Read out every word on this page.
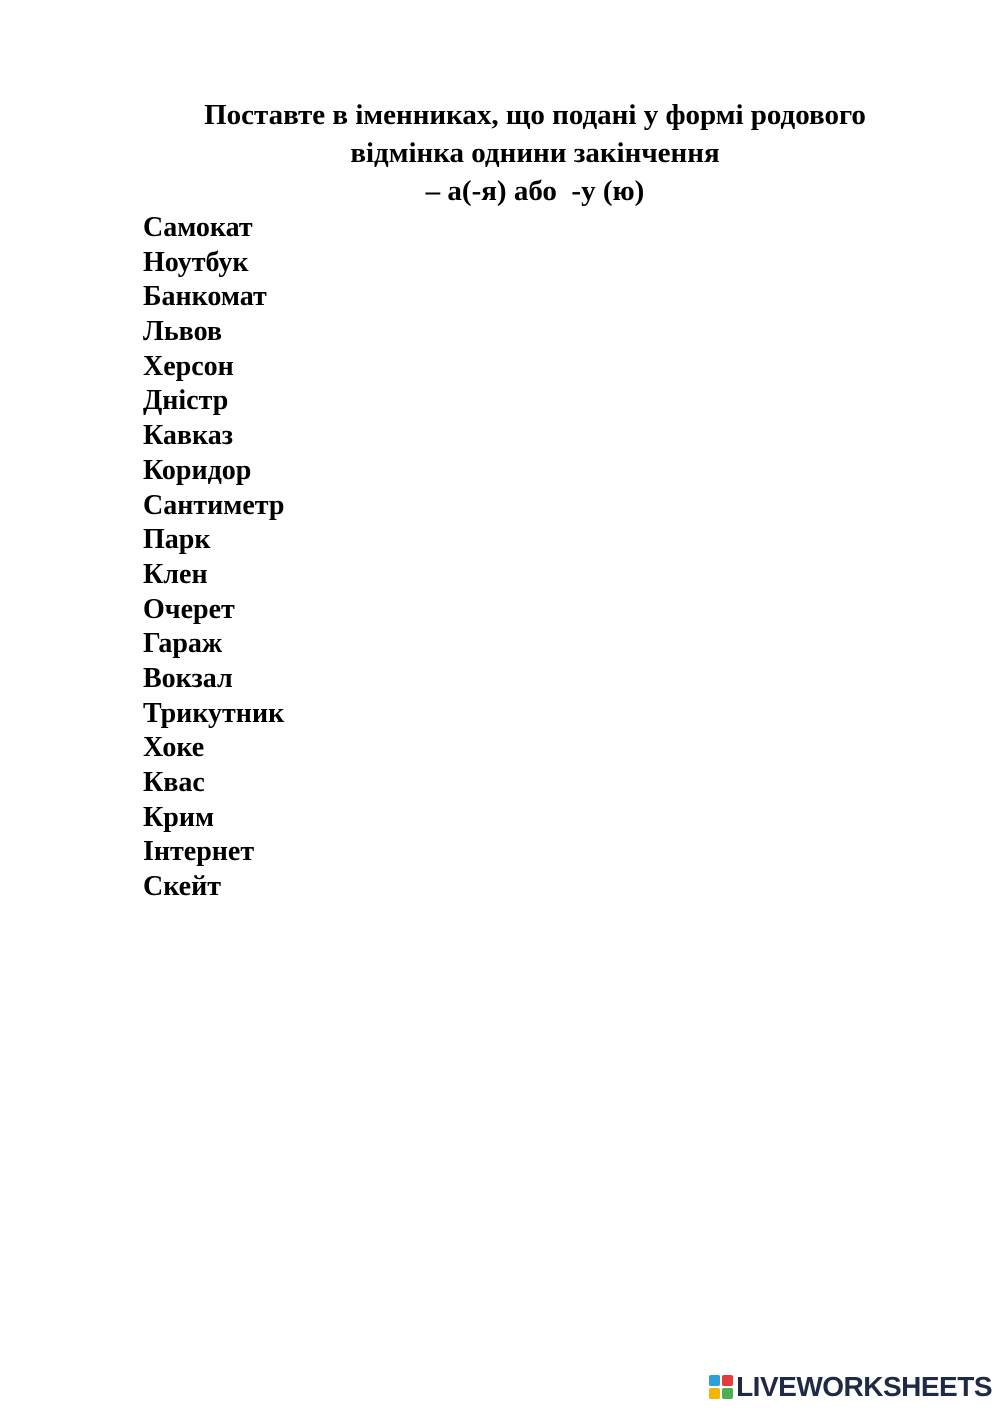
Поставте в іменниках, що подані у формі родового
відмінка однини закінчення
– а(-я) або  -у (ю)
Самокат
Ноутбук
Банкомат
Львов
Херсон
Дністр
Кавказ
Коридор
Сантиметр
Парк
Клен
Очерет
Гараж
Вокзал
Трикутник
Хоке
Квас
Крим
Інтернет
Скейт
LIVEWORKSHEETS
